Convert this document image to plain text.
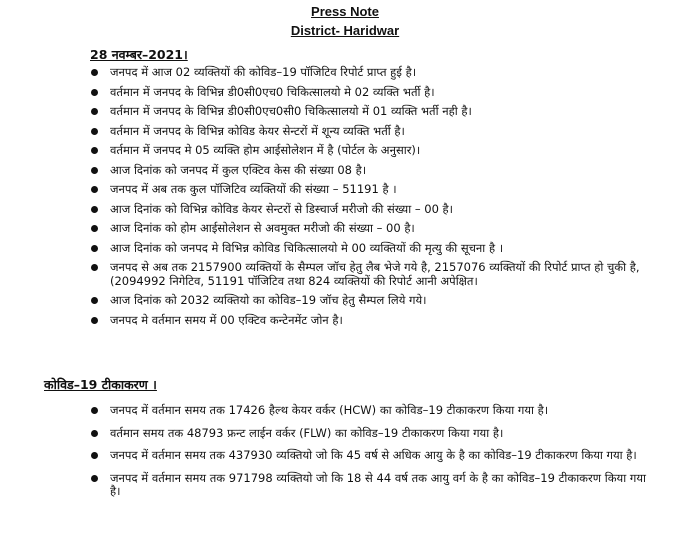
Press Note
District- Haridwar
28 नवम्बर–2021।
जनपद में आज 02 व्यक्तियों की कोविड–19 पॉजिटिव रिपोर्ट प्राप्त हुई है।
वर्तमान में जनपद के विभिन्न डी0सी0एच0 चिकित्सालयो मे 02 व्यक्ति भर्ती है।
वर्तमान में जनपद के विभिन्न डी0सी0एच0सी0 चिकित्सालयो में 01 व्यक्ति भर्ती नही है।
वर्तमान में जनपद के विभिन्न कोविड केयर सेन्टरों में शून्य व्यक्ति भर्ती है।
वर्तमान में जनपद मे 05 व्यक्ति होम आईसोलेशन में है (पोर्टल के अनुसार)।
आज दिनांक को जनपद में कुल एक्टिव केस की संख्या 08 है।
जनपद में अब तक कुल पॉजिटिव व्यक्तियों की संख्या – 51191 है ।
आज दिनांक को विभिन्न कोविड केयर सेन्टरों से डिस्चार्ज मरीजो की संख्या – 00 है।
आज दिनांक को होम आईसोलेशन से अवमुक्त मरीजो की संख्या – 00 है।
आज दिनांक को जनपद मे विभिन्न कोविड चिकित्सालयो मे 00 व्यक्तियों की मृत्यु की सूचना है ।
जनपद से अब तक 2157900 व्यक्तियों के सैम्पल जॉच हेतु लैब भेजे गये है, 2157076 व्यक्तियों की रिपोर्ट प्राप्त हो चुकी है, (2094992 निगेटिव, 51191 पॉजिटिव तथा 824 व्यक्तियों की रिपोर्ट आनी अपेक्षित।
आज दिनांक को 2032 व्यक्तियो का कोविड–19 जॉच हेतु सैम्पल लिये गये।
जनपद मे वर्तमान समय में 00 एक्टिव कन्टेनमेंट जोन है।
कोविड–19 टीकाकरण ।
जनपद में वर्तमान समय तक 17426 हैल्थ केयर वर्कर (HCW) का कोविड–19 टीकाकरण किया गया है।
वर्तमान समय तक 48793 फ्रन्ट लाईन वर्कर (FLW) का कोविड–19 टीकाकरण किया गया है।
जनपद में वर्तमान समय तक 437930 व्यक्तियो जो कि 45 वर्ष से अधिक आयु के है का कोविड–19 टीकाकरण किया गया है।
जनपद में वर्तमान समय तक 971798 व्यक्तियो जो कि 18 से 44 वर्ष तक आयु वर्ग के है का कोविड–19 टीकाकरण किया गया है।
